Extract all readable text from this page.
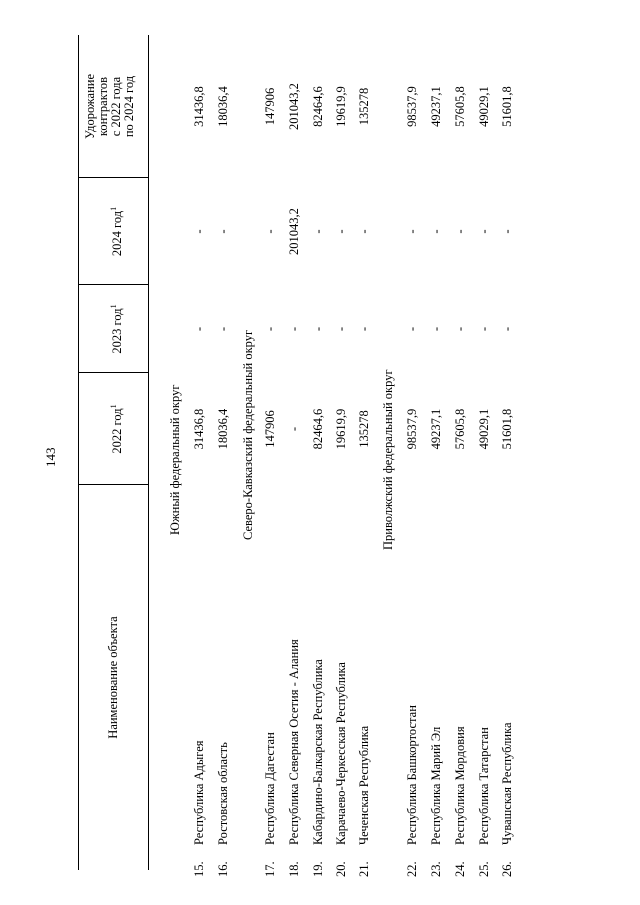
143
Наименование объекта
2022 год$^1$
2023 год$^1$
2024 год$^1$
Удорожание контрактов с 2022 года по 2024 год
Южный федеральный округ	Северо-Кавказский федеральный округ	Приволжский федеральный округ
15.
Республика Адыгея
31436,8
-
-
31436,8
16.
Ростовская область
18036,4
-
-
18036,4
17.
Республика Дагестан
147906
-
-
147906
18.
Республика Северная Осетия - Алания
-
-
201043,2
201043,2
19.
Кабардино-Балкарская Республика
82464,6
-
-
82464,6
20.
Карачаево-Черкесская Республика
19619,9
-
-
19619,9
21.
Чеченская Республика
135278
-
-
135278
22.
Республика Башкортостан
98537,9
-
-
98537,9
23.
Республика Марий Эл
49237,1
-
-
49237,1
24.
Республика Мордовия
57605,8
-
-
57605,8
25.
Республика Татарстан
49029,1
-
-
49029,1
26.
Чувашская Республика
51601,8
-
-
51601,8
